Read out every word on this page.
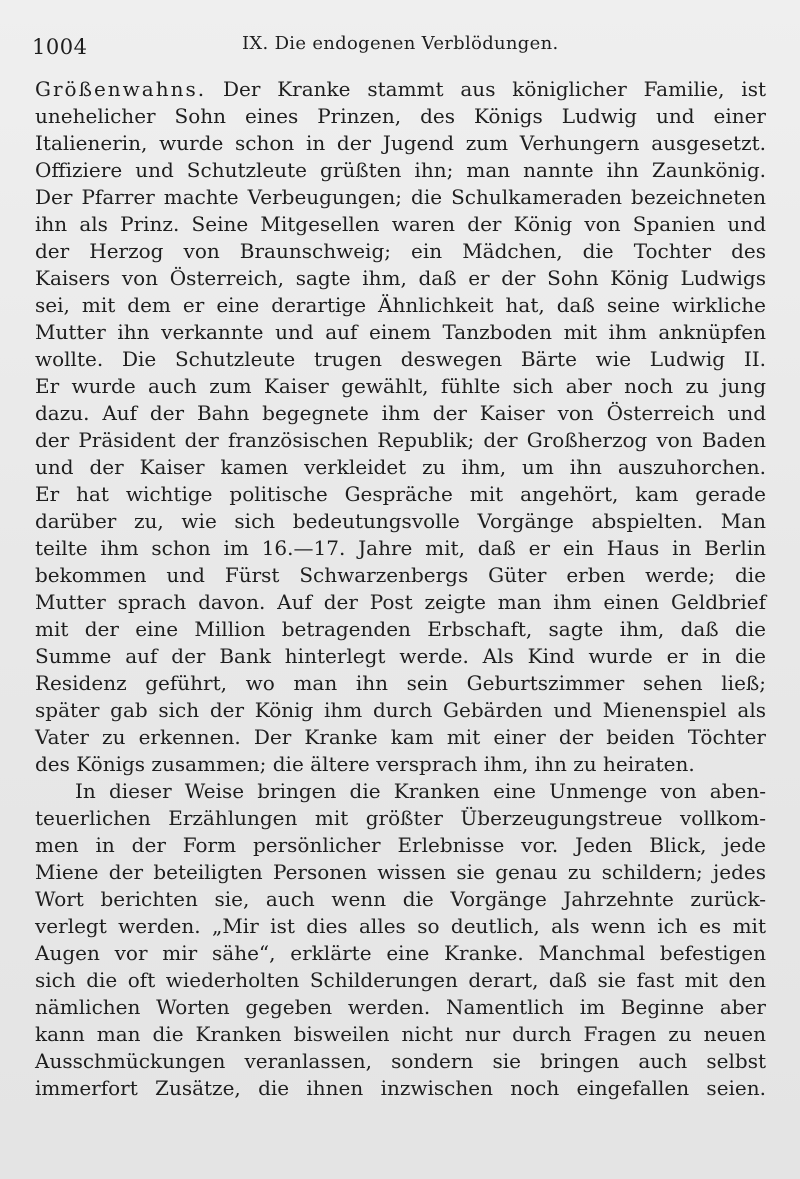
1004	IX. Die endogenen Verblödungen.
Größenwahns. Der Kranke stammt aus königlicher Familie, ist
unehelicher Sohn eines Prinzen, des Königs Ludwig und einer
Italienerin, wurde schon in der Jugend zum Verhungern ausgesetzt.
Offiziere und Schutzleute grüßten ihn; man nannte ihn Zaunkönig.
Der Pfarrer machte Verbeugungen; die Schulkameraden bezeichneten
ihn als Prinz. Seine Mitgesellen waren der König von Spanien und
der Herzog von Braunschweig; ein Mädchen, die Tochter des
Kaisers von Österreich, sagte ihm, daß er der Sohn König Ludwigs
sei, mit dem er eine derartige Ähnlichkeit hat, daß seine wirkliche
Mutter ihn verkannte und auf einem Tanzboden mit ihm anknüpfen
wollte. Die Schutzleute trugen deswegen Bärte wie Ludwig II.
Er wurde auch zum Kaiser gewählt, fühlte sich aber noch zu jung
dazu. Auf der Bahn begegnete ihm der Kaiser von Österreich und
der Präsident der französischen Republik; der Großherzog von Baden
und der Kaiser kamen verkleidet zu ihm, um ihn auszuhorchen.
Er hat wichtige politische Gespräche mit angehört, kam gerade
darüber zu, wie sich bedeutungsvolle Vorgänge abspielten. Man
teilte ihm schon im 16.—17. Jahre mit, daß er ein Haus in Berlin
bekommen und Fürst Schwarzenbergs Güter erben werde; die
Mutter sprach davon. Auf der Post zeigte man ihm einen Geldbrief
mit der eine Million betragenden Erbschaft, sagte ihm, daß die
Summe auf der Bank hinterlegt werde. Als Kind wurde er in die
Residenz geführt, wo man ihn sein Geburtszimmer sehen ließ;
später gab sich der König ihm durch Gebärden und Mienenspiel als
Vater zu erkennen. Der Kranke kam mit einer der beiden Töchter
des Königs zusammen; die ältere versprach ihm, ihn zu heiraten.
In dieser Weise bringen die Kranken eine Unmenge von aben-
teuerlichen Erzählungen mit größter Überzeugungstreue vollkom-
men in der Form persönlicher Erlebnisse vor. Jeden Blick, jede
Miene der beteiligten Personen wissen sie genau zu schildern; jedes
Wort berichten sie, auch wenn die Vorgänge Jahrzehnte zurück-
verlegt werden. „Mir ist dies alles so deutlich, als wenn ich es mit
Augen vor mir sähe“, erklärte eine Kranke. Manchmal befestigen
sich die oft wiederholten Schilderungen derart, daß sie fast mit den
nämlichen Worten gegeben werden. Namentlich im Beginne aber
kann man die Kranken bisweilen nicht nur durch Fragen zu neuen
Ausschmückungen veranlassen, sondern sie bringen auch selbst
immerfort Zusätze, die ihnen inzwischen noch eingefallen seien.
